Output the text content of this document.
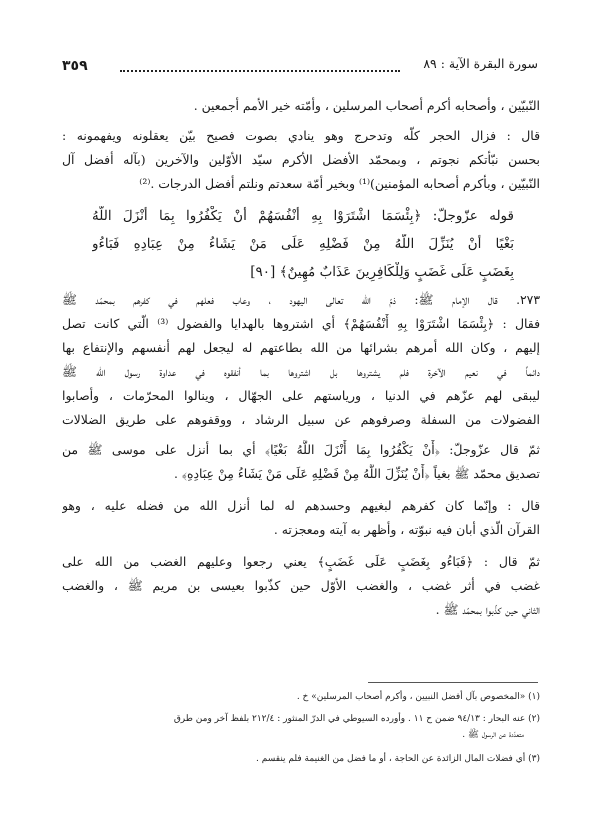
سورة البقرة الآية : ٨٩
٣٥٩
النّبيّين ، وأصحابه أكرم أصحاب المرسلين ، وأمّته خير الأمم أجمعين .
قال : فزال الحجر كلّه وتدحرج وهو ينادي بصوت فصيح بيّن يعقلونه ويفهمونه :
بحسن نبّأتكم نجوتم ، وبمحمّد الأفضل الأكرم سيّد الأوّلين والآخرين (بآله أفضل آل
النّبيّين ، وبأكرم أصحابه المؤمنين)⁽¹⁾ وبخير أمّة سعدتم ونلتم أفضل الدرجات .⁽²⁾
قوله عزّوجلّ: ﴿بِئْسَمَا اشْتَرَوْا بِهِ أَنْفُسَهُمْ أَنْ يَكْفُرُوا بِمَا أَنْزَلَ اللَّهُ
بَغْيًا أَنْ يُنَزِّلَ اللَّهُ مِنْ فَضْلِهِ عَلَى مَنْ يَشَاءُ مِنْ عِبَادِهِ فَبَاءُو
بِغَضَبٍ عَلَى غَضَبٍ وَلِلْكَافِرِينَ عَذَابٌ مُهِينٌ﴾ [٩٠]
٢٧٣. قال الإمام ﷺ: ذمّ الله تعالى اليهود ، وعاب فعلهم في كفرهم بمحمّد ﷺ
فقال : ﴿بِئْسَمَا اشْتَرَوْا بِهِ أَنْفُسَهُمْ﴾ أي اشتروها بالهدايا والفضول ⁽³⁾ الّتي كانت تصل
إليهم ، وكان الله أمرهم بشرائها من الله بطاعتهم له ليجعل لهم أنفسهم والإنتفاع بها
دائماً في نعيم الآخرة فلم يشتروها بل اشتروها بما أنفقوه في عداوة رسول الله ﷺ
ليبقى لهم عزّهم في الدنيا ، ورياستهم على الجهّال ، وينالوا المحرّمات ، وأصابوا
الفضولات من السفلة وصرفوهم عن سبيل الرشاد ، ووقفوهم على طريق الضلالات
ثمّ قال عزّوجلّ: ﴿أَنْ يَكْفُرُوا بِمَا أَنْزَلَ اللَّهُ بَغْيًا﴾ أي بما أنزل على موسى ﷺ من
تصديق محمّد ﷺ بغياً ﴿أَنْ يُنَزِّلَ اللَّهُ مِنْ فَضْلِهِ عَلَى مَنْ يَشَاءُ مِنْ عِبَادِهِ﴾ .
قال : وإنّما كان كفرهم لبغيهم وحسدهم له لما أنزل الله من فضله عليه ، وهو
القرآن الّذي أبان فيه نبوّته ، وأظهر به آيته ومعجزته .
ثمّ قال : ﴿فَبَاءُو بِغَضَبٍ عَلَى غَضَبٍ﴾ يعني رجعوا وعليهم الغضب من الله على
غضب في أثر غضب ، والغضب الأوّل حين كذّبوا بعيسى بن مريم ﷺ ، والغضب
الثاني حين كذّبوا بمحمّد ﷺ .
(١) «المخصوص بآل أفضل النبيين ، وأكرم أصحاب المرسلين» خ .
(٢) عنه البحار : ٩٤/١٣ ضمن ح ١١ . وأورده السيوطي في الدرّ المنثور : ٢١٢/٤ بلفظ آخر ومن طرق
متعدّدة عن الرسول ﷺ .
(٣) أي فضلات المال الزائدة عن الحاجة ، أو ما فضل من الغنيمة فلم ينقسم .
